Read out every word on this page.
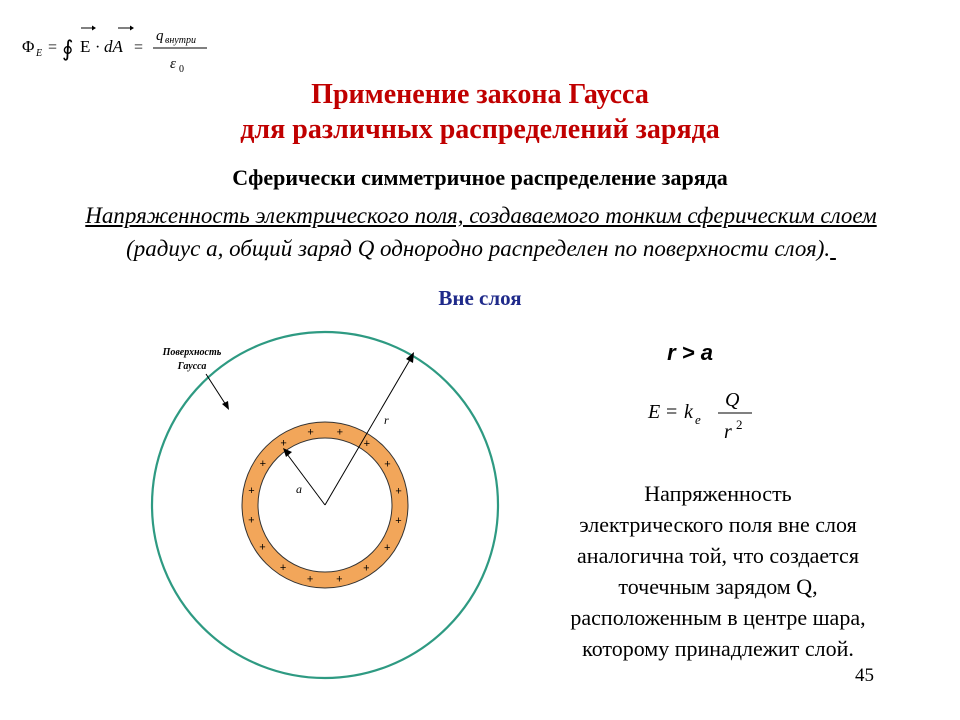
Φ E = ∮ E · dA =
q внутри
ε 0
Применение закона Гаусса
для различных распределений заряда
Сферически симметричное распределение заряда
Напряженность электрического поля, создаваемого тонким сферическим слоем
(радиус a, общий заряд Q однородно распределен по поверхности слоя).
Вне слоя
+
+
+
+
+
+
+
+
+
+
+
+ +
+
+
+
a
r
Поверхность
Гаусса
r > a
E = k e
Q
r 2
Напряженность
электрического поля вне слоя
аналогична той, что создается
точечным зарядом Q,
расположенным в центре шара,
которому принадлежит слой.
45
